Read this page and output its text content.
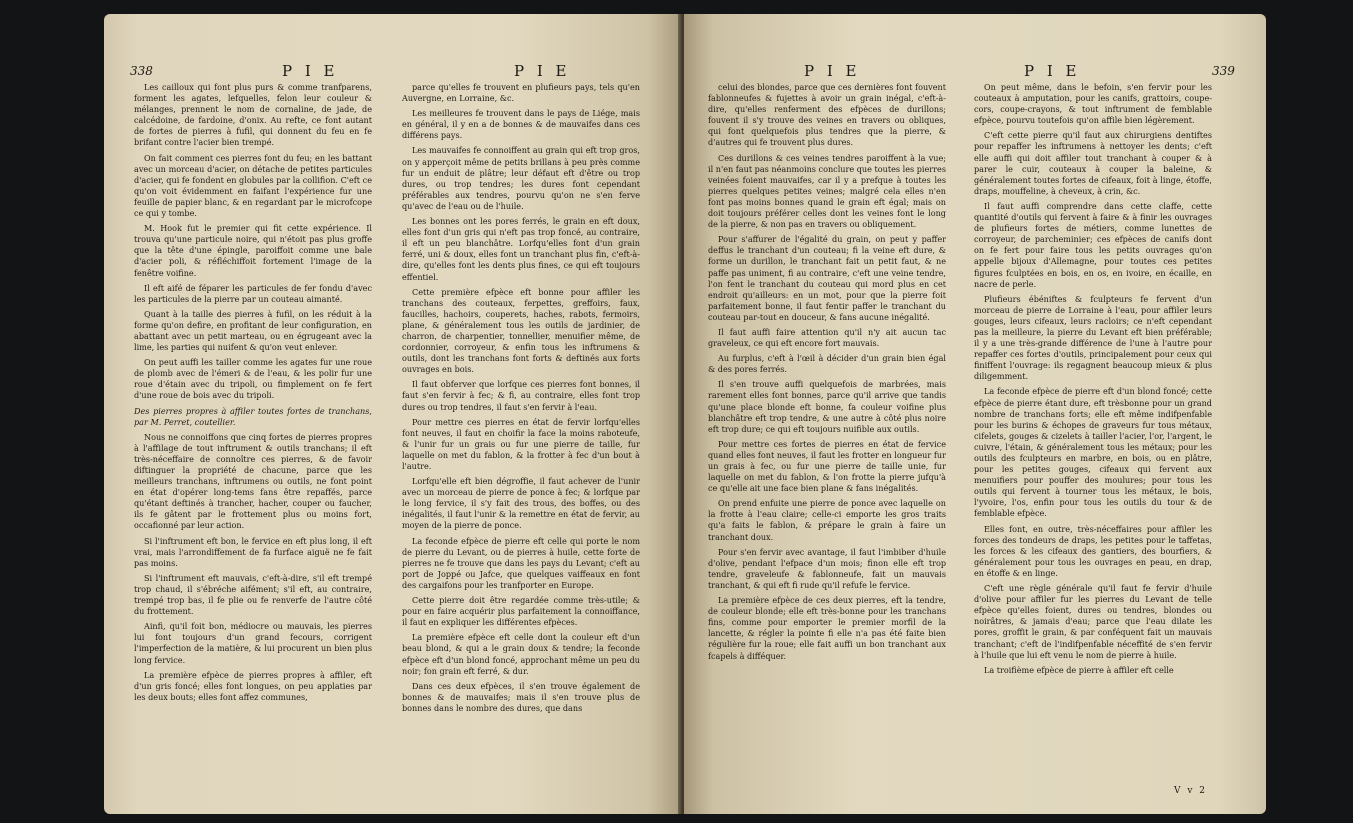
338	P I E	P I E

Les cailloux qui font plus purs & comme tranfparens, forment les agates, lefquelles, felon leur couleur & mélanges, prennent le nom de cornaline, de jade, de calcédoine, de fardoine, d'onix. Au refte, ce font autant de fortes de pierres à fufil, qui donnent du feu en fe brifant contre l'acier bien trempé.

On fait comment ces pierres font du feu; en les battant avec un morceau d'acier, on détache de petites particules d'acier, qui fe fondent en globules par la collifion. C'eft ce qu'on voit évidemment en faifant l'expérience fur une feuille de papier blanc, & en regardant par le microfcope ce qui y tombe.

M. Hook fut le premier qui fit cette expérience. Il trouva qu'une particule noire, qui n'étoit pas plus groffe que la tête d'une épingle, paroiffoit comme une bale d'acier poli, & réfléchiffoit fortement l'image de la fenêtre voifine.

Il eft aifé de féparer les particules de fer fondu d'avec les particules de la pierre par un couteau aimanté.

Quant à la taille des pierres à fufil, on les réduit à la forme qu'on defire, en profitant de leur configuration, en abattant avec un petit marteau, ou en égrugeant avec la lime, les parties qui nuifent & qu'on veut enlever.

On peut auffi les tailler comme les agates fur une roue de plomb avec de l'émeri & de l'eau, & les polir fur une roue d'étain avec du tripoli, ou fimplement on fe fert d'une roue de bois avec du tripoli.

Des pierres propres à affiler toutes fortes de tranchans, par M. Perret, coutellier.

Nous ne connoiffons que cinq fortes de pierres propres à l'affilage de tout inftrument & outils tranchans; il eft très-néceffaire de connoître ces pierres, & de favoir diftinguer la propriété de chacune, parce que les meilleurs tranchans, inftrumens ou outils, ne font point en état d'opérer long-tems fans être repaffés, parce qu'étant deftinés à trancher, hacher, couper ou faucher, ils fe gâtent par le frottement plus ou moins fort, occafionné par leur action.

Si l'inftrument eft bon, le fervice en eft plus long, il eft vrai, mais l'arrondiffement de fa furface aiguë ne fe fait pas moins.

Si l'inftrument eft mauvais, c'eft-à-dire, s'il eft trempé trop chaud, il s'ébréche aifément; s'il eft, au contraire, trempé trop bas, il fe plie ou fe renverfe de l'autre côté du frottement.

Ainfi, qu'il foit bon, médiocre ou mauvais, les pierres lui font toujours d'un grand fecours, corrigent l'imperfection de la matière, & lui procurent un bien plus long fervice.

La première efpèce de pierres propres à affiler, eft d'un gris foncé; elles font longues, on peu applaties par les deux bouts; elles font affez communes,

parce qu'elles fe trouvent en plufieurs pays, tels qu'en Auvergne, en Lorraine, &c.

Les meilleures fe trouvent dans le pays de Liége, mais en général, il y en a de bonnes & de mauvaifes dans ces différens pays.

Les mauvaifes fe connoiffent au grain qui eft trop gros, on y apperçoit même de petits brillans à peu près comme fur un enduit de plâtre; leur défaut eft d'être ou trop dures, ou trop tendres; les dures font cependant préférables aux tendres, pourvu qu'on ne s'en ferve qu'avec de l'eau ou de l'huile.

Les bonnes ont les pores ferrés, le grain en eft doux, elles font d'un gris qui n'eft pas trop foncé, au contraire, il eft un peu blanchâtre. Lorfqu'elles font d'un grain ferré, uni & doux, elles font un tranchant plus fin, c'eft-à-dire, qu'elles font les dents plus fines, ce qui eft toujours effentiel.

Cette première efpèce eft bonne pour affiler les tranchans des couteaux, ferpettes, greffoirs, faux, faucilles, hachoirs, couperets, haches, rabots, fermoirs, plane, & généralement tous les outils de jardinier, de charron, de charpentier, tonnellier, menuifier même, de cordonnier, corroyeur, & enfin tous les inftrumens & outils, dont les tranchans font forts & deftinés aux forts ouvrages en bois.

Il faut obferver que lorfque ces pierres font bonnes, il faut s'en fervir à fec; & fi, au contraire, elles font trop dures ou trop tendres, il faut s'en fervir à l'eau.

Pour mettre ces pierres en état de fervir lorfqu'elles font neuves, il faut en choifir la face la moins raboteufe, & l'unir fur un grais ou fur une pierre de taille, fur laquelle on met du fablon, & la frotter à fec d'un bout à l'autre.

Lorfqu'elle eft bien dégroffie, il faut achever de l'unir avec un morceau de pierre de ponce à fec; & lorfque par le long fervice, il s'y fait des trous, des boffes, ou des inégalités, il faut l'unir & la remettre en état de fervir, au moyen de la pierre de ponce.

La feconde efpèce de pierre eft celle qui porte le nom de pierre du Levant, ou de pierres à huile, cette forte de pierres ne fe trouve que dans les pays du Levant; c'eft au port de Joppé ou Jafce, que quelques vaiffeaux en font des cargaifons pour les tranfporter en Europe.

Cette pierre doit être regardée comme très-utile; & pour en faire acquérir plus parfaitement la connoiffance, il faut en expliquer les différentes efpèces.

La première efpèce eft celle dont la couleur eft d'un beau blond, & qui a le grain doux & tendre; la feconde efpèce eft d'un blond foncé, approchant même un peu du noir; fon grain eft ferré, & dur.

Dans ces deux efpèces, il s'en trouve également de bonnes & de mauvaifes; mais il s'en trouve plus de bonnes dans le nombre des dures, que dans

P I E	P I E	339

celui des blondes, parce que ces dernières font fouvent fablonneufes & fujettes à avoir un grain inégal, c'eft-à-dire, qu'elles renferment des efpèces de durillons; fouvent il s'y trouve des veines en travers ou obliques, qui font quelquefois plus tendres que la pierre, & d'autres qui fe trouvent plus dures.

Ces durillons & ces veines tendres paroiffent à la vue; il n'en faut pas néanmoins conclure que toutes les pierres veinées foient mauvaifes, car il y a prefque à toutes les pierres quelques petites veines; malgré cela elles n'en font pas moins bonnes quand le grain eft égal; mais on doit toujours préférer celles dont les veines font le long de la pierre, & non pas en travers ou obliquement.

Pour s'affurer de l'égalité du grain, on peut y paffer deffus le tranchant d'un couteau; fi la veine eft dure, & forme un durillon, le tranchant fait un petit faut, & ne paffe pas uniment, fi au contraire, c'eft une veine tendre, l'on fent le tranchant du couteau qui mord plus en cet endroit qu'ailleurs: en un mot, pour que la pierre foit parfaitement bonne, il faut fentir paffer le tranchant du couteau par-tout en douceur, & fans aucune inégalité.

Il faut auffi faire attention qu'il n'y ait aucun tac graveleux, ce qui eft encore fort mauvais.

Au furplus, c'eft à l'œil à décider d'un grain bien égal & des pores ferrés.

Il s'en trouve auffi quelquefois de marbrées, mais rarement elles font bonnes, parce qu'il arrive que tandis qu'une place blonde eft bonne, fa couleur voifine plus blanchâtre eft trop tendre, & une autre à côté plus noire eft trop dure; ce qui eft toujours nuifible aux outils.

Pour mettre ces fortes de pierres en état de fervice quand elles font neuves, il faut les frotter en longueur fur un grais à fec, ou fur une pierre de taille unie, fur laquelle on met du fablon, & l'on frotte la pierre jufqu'à ce qu'elle ait une face bien plane & fans inégalités.

On prend enfuite une pierre de ponce avec laquelle on la frotte à l'eau claire; celle-ci emporte les gros traits qu'a faits le fablon, & prépare le grain à faire un tranchant doux.

Pour s'en fervir avec avantage, il faut l'imbiber d'huile d'olive, pendant l'efpace d'un mois; finon elle eft trop tendre, graveleufe & fablonneufe, fait un mauvais tranchant, & qui eft fi rude qu'il refufe le fervice.

La première efpèce de ces deux pierres, eft la tendre, de couleur blonde; elle eft très-bonne pour les tranchans fins, comme pour emporter le premier morfil de la lancette, & régler la pointe fi elle n'a pas été faite bien régulière fur la roue; elle fait auffi un bon tranchant aux fcapels à difféquer.

On peut même, dans le befoin, s'en fervir pour les couteaux à amputation, pour les canifs, grattoirs, coupe-cors, coupe-crayons, & tout inftrument de femblable efpèce, pourvu toutefois qu'on affile bien légèrement.

C'eft cette pierre qu'il faut aux chirurgiens dentiftes pour repaffer les inftrumens à nettoyer les dents; c'eft elle auffi qui doit affiler tout tranchant à couper & à parer le cuir, couteaux à couper la baleine, & généralement toutes fortes de cifeaux, foit à linge, étoffe, draps, mouffeline, à cheveux, à crin, &c.

Il faut auffi comprendre dans cette claffe, cette quantité d'outils qui fervent à faire & à finir les ouvrages de plufieurs fortes de métiers, comme lunettes de corroyeur, de parcheminier; ces efpèces de canifs dont on fe fert pour faire tous les petits ouvrages qu'on appelle bijoux d'Allemagne, pour toutes ces petites figures fculptées en bois, en os, en ivoire, en écaille, en nacre de perle.

Plufieurs ébéniftes & fculpteurs fe fervent d'un morceau de pierre de Lorraine à l'eau, pour affiler leurs gouges, leurs cifeaux, leurs racloirs; ce n'eft cependant pas la meilleure, la pierre du Levant eft bien préférable; il y a une très-grande différence de l'une à l'autre pour repaffer ces fortes d'outils, principalement pour ceux qui finiffent l'ouvrage: ils regagnent beaucoup mieux & plus diligemment.

La feconde efpèce de pierre eft d'un blond foncé; cette efpèce de pierre étant dure, eft trèsbonne pour un grand nombre de tranchans forts; elle eft même indifpenfable pour les burins & échopes de graveurs fur tous métaux, cifelets, gouges & cizelets à tailler l'acier, l'or, l'argent, le cuivre, l'étain, & généralement tous les métaux; pour les outils des fculpteurs en marbre, en bois, ou en plâtre, pour les petites gouges, cifeaux qui fervent aux menuifiers pour pouffer des moulures; pour tous les outils qui fervent à tourner tous les métaux, le bois, l'yvoire, l'os, enfin pour tous les outils du tour & de femblable efpèce.

Elles font, en outre, très-néceffaires pour affiler les forces des tondeurs de draps, les petites pour le taffetas, les forces & les cifeaux des gantiers, des bourfiers, & généralement pour tous les ouvrages en peau, en drap, en étoffe & en linge.

C'eft une règle générale qu'il faut fe fervir d'huile d'olive pour affiler fur les pierres du Levant de telle efpèce qu'elles foient, dures ou tendres, blondes ou noirâtres, & jamais d'eau; parce que l'eau dilate les pores, groffit le grain, & par conféquent fait un mauvais tranchant; c'eft de l'indifpenfable néceffité de s'en fervir à l'huile que lui eft venu le nom de pierre à huile.

La troifième efpèce de pierre à affiler eft celle

V v 2
